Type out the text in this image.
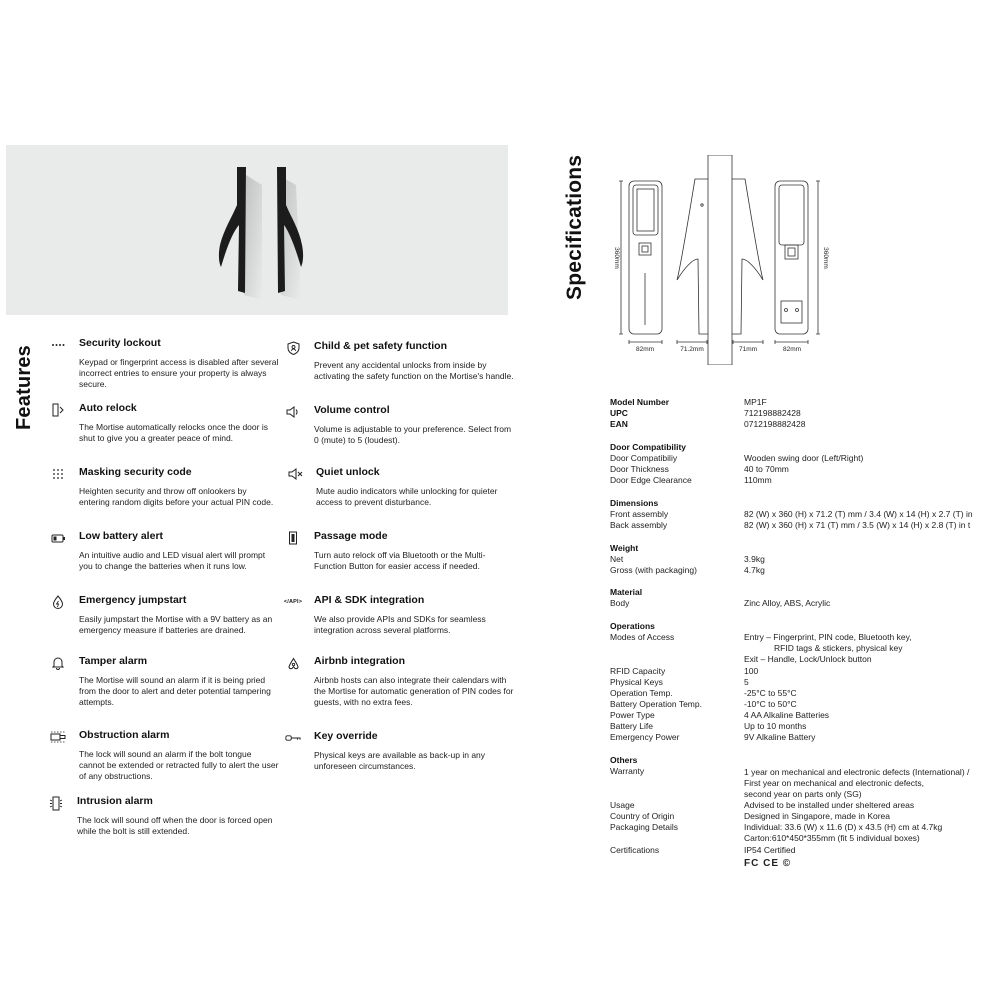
Features
Specifications
Security lockout
Keypad or fingerprint access is disabled after several incorrect entries to ensure your property is always secure.
Auto relock
The Mortise automatically relocks once the door is shut to give you a greater peace of mind.
Masking security code
Heighten security and throw off onlookers by entering random digits before your actual PIN code.
Low battery alert
An intuitive audio and LED visual alert will prompt you to change the batteries when it runs low.
Emergency jumpstart
Easily jumpstart the Mortise with a 9V battery as an emergency measure if batteries are drained.
Tamper alarm
The Mortise will sound an alarm if it is being pried from the door to alert and deter potential tampering attempts.
Obstruction alarm
The lock will sound an alarm if the bolt tongue cannot be extended or retracted fully to alert the user of any obstructions.
Intrusion alarm
The lock will sound off when the door is forced open while the bolt is still extended.
Child & pet safety function
Prevent any accidental unlocks from inside by activating the safety function on the Mortise's handle.
Volume control
Volume is adjustable to your preference. Select from 0 (mute) to 5 (loudest).
Quiet unlock
Mute audio indicators while unlocking for quieter access to prevent disturbance.
Passage mode
Turn auto relock off via Bluetooth or the Multi-Function Button for easier access if needed.
</API> API & SDK integration
We also provide APIs and SDKs for seamless integration across several platforms.
Airbnb integration
Airbnb hosts can also integrate their calendars with the Mortise for automatic generation of PIN codes for guests, with no extra fees.
Key override
Physical keys are available as back-up in any unforeseen circumstances.
360mm	360mm
82mm	71.2mm	71mm	82mm
Model Number	MP1F
UPC	712198882428
EAN	0712198882428
Door Compatibility
Door Compatibiliy	Wooden swing door (Left/Right)
Door Thickness	40 to 70mm
Door Edge Clearance	110mm
Dimensions
Front assembly	82 (W) x 360 (H) x 71.2 (T) mm / 3.4 (W) x 14 (H) x 2.7 (T) in
Back assembly	82 (W) x 360 (H) x 71 (T) mm / 3.5 (W) x 14 (H) x 2.8 (T) in t
Weight
Net	3.9kg
Gross (with packaging)	4.7kg
Material
Body	Zinc Alloy, ABS, Acrylic
Operations
Modes of Access	Entry – Fingerprint, PIN code, Bluetooth key,
RFID tags & stickers, physical key
Exit – Handle, Lock/Unlock button
RFID Capacity	100
Physical Keys	5
Operation Temp.	-25°C to 55°C
Battery Operation Temp.	-10°C to 50°C
Power Type	4 AA Alkaline Batteries
Battery Life	Up to 10 months
Emergency Power	9V Alkaline Battery
Others
Warranty	1 year on mechanical and electronic defects (International) /
First year on mechanical and electronic defects,
second year on parts only (SG)
Usage	Advised to be installed under sheltered areas
Country of Origin	Designed in Singapore, made in Korea
Packaging Details	Individual: 33.6 (W) x 11.6 (D) x 43.5 (H) cm at 4.7kg
Carton:610*450*355mm (fit 5 individual boxes)
Certifications	IP54 Certified
FC CE ©
